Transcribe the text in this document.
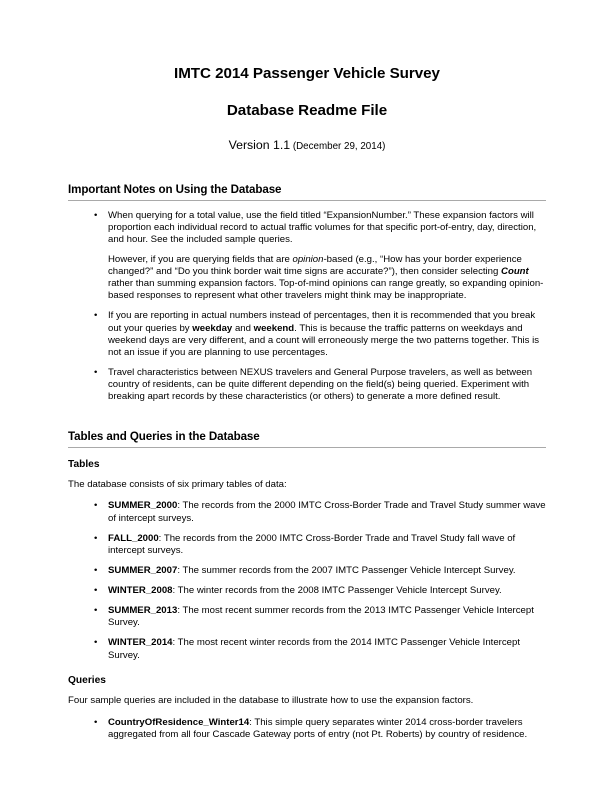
IMTC 2014 Passenger Vehicle Survey
Database Readme File
Version 1.1 (December 29, 2014)
Important Notes on Using the Database
• When querying for a total value, use the field titled “ExpansionNumber.” These expansion factors will proportion each individual record to actual traffic volumes for that specific port-of-entry, day, direction, and hour. See the included sample queries.
However, if you are querying fields that are opinion-based (e.g., “How has your border experience changed?” and “Do you think border wait time signs are accurate?”), then consider selecting Count rather than summing expansion factors. Top-of-mind opinions can range greatly, so expanding opinion-based responses to represent what other travelers might think may be inappropriate.
• If you are reporting in actual numbers instead of percentages, then it is recommended that you break out your queries by weekday and weekend. This is because the traffic patterns on weekdays and weekend days are very different, and a count will erroneously merge the two patterns together. This is not an issue if you are planning to use percentages.
• Travel characteristics between NEXUS travelers and General Purpose travelers, as well as between country of residents, can be quite different depending on the field(s) being queried. Experiment with breaking apart records by these characteristics (or others) to generate a more defined result.
Tables and Queries in the Database
Tables
The database consists of six primary tables of data:
• SUMMER_2000: The records from the 2000 IMTC Cross-Border Trade and Travel Study summer wave of intercept surveys.
• FALL_2000: The records from the 2000 IMTC Cross-Border Trade and Travel Study fall wave of intercept surveys.
• SUMMER_2007: The summer records from the 2007 IMTC Passenger Vehicle Intercept Survey.
• WINTER_2008: The winter records from the 2008 IMTC Passenger Vehicle Intercept Survey.
• SUMMER_2013: The most recent summer records from the 2013 IMTC Passenger Vehicle Intercept Survey.
• WINTER_2014: The most recent winter records from the 2014 IMTC Passenger Vehicle Intercept Survey.
Queries
Four sample queries are included in the database to illustrate how to use the expansion factors.
• CountryOfResidence_Winter14: This simple query separates winter 2014 cross-border travelers aggregated from all four Cascade Gateway ports of entry (not Pt. Roberts) by country of residence.
